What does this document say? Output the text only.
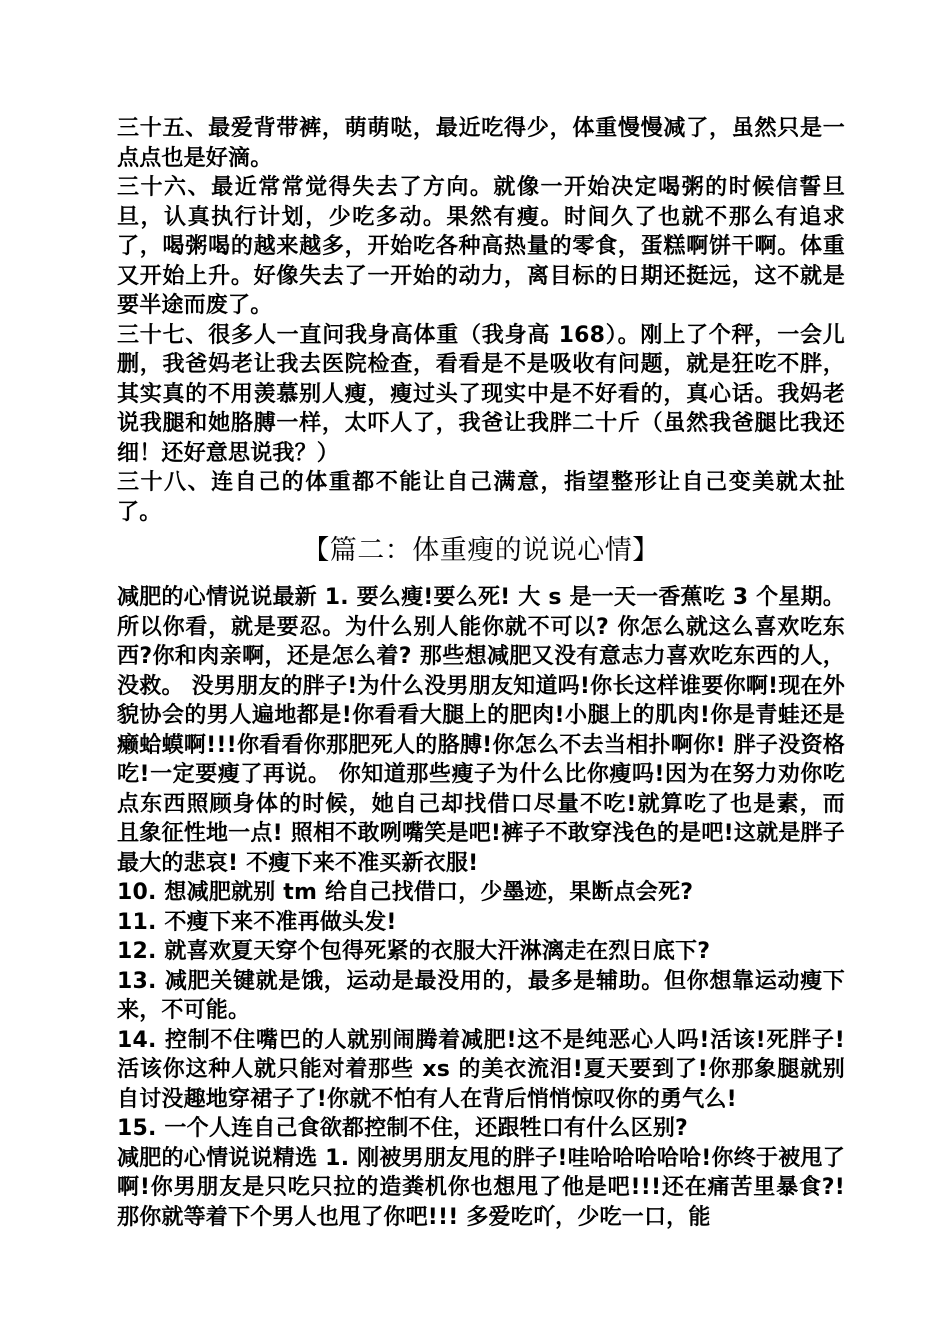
三十五、最爱背带裤，萌萌哒，最近吃得少，体重慢慢减了，虽然只是一点点也是好滴。

三十六、最近常常觉得失去了方向。就像一开始决定喝粥的时候信誓旦旦，认真执行计划，少吃多动。果然有瘦。时间久了也就不那么有追求了，喝粥喝的越来越多，开始吃各种高热量的零食，蛋糕啊饼干啊。体重又开始上升。好像失去了一开始的动力，离目标的日期还挺远，这不就是要半途而废了。

三十七、很多人一直问我身高体重（我身高 168）。刚上了个秤，一会儿删，我爸妈老让我去医院检查，看看是不是吸收有问题，就是狂吃不胖，其实真的不用羡慕别人瘦，瘦过头了现实中是不好看的，真心话。我妈老说我腿和她胳膊一样，太吓人了，我爸让我胖二十斤（虽然我爸腿比我还细！还好意思说我？）

三十八、连自己的体重都不能让自己满意，指望整形让自己变美就太扯了。

【篇二：体重瘦的说说心情】

减肥的心情说说最新 1. 要么瘦!要么死! 大 s 是一天一香蕉吃 3 个星期。所以你看，就是要忍。为什么别人能你就不可以? 你怎么就这么喜欢吃东西?你和肉亲啊，还是怎么着? 那些想减肥又没有意志力喜欢吃东西的人，没救。 没男朋友的胖子!为什么没男朋友知道吗!你长这样谁要你啊!现在外貌协会的男人遍地都是!你看看大腿上的肥肉!小腿上的肌肉!你是青蛙还是癞蛤蟆啊!!!你看看你那肥死人的胳膊!你怎么不去当相扑啊你! 胖子没资格吃!一定要瘦了再说。 你知道那些瘦子为什么比你瘦吗!因为在努力劝你吃点东西照顾身体的时候，她自己却找借口尽量不吃!就算吃了也是素，而 且象征性地一点! 照相不敢咧嘴笑是吧!裤子不敢穿浅色的是吧!这就是胖子最大的悲哀! 不瘦下来不准买新衣服!

10. 想减肥就别 tm 给自己找借口，少墨迹，果断点会死?

11. 不瘦下来不准再做头发!

12. 就喜欢夏天穿个包得死紧的衣服大汗淋漓走在烈日底下?

13. 减肥关键就是饿，运动是最没用的，最多是辅助。但你想靠运动瘦下来，不可能。

14. 控制不住嘴巴的人就别闹腾着减肥!这不是纯恶心人吗!活该!死胖子!活该你这种人就只能对着那些 xs 的美衣流泪!夏天要到了!你那象腿就别自讨没趣地穿裙子了!你就不怕有人在背后悄悄惊叹你的勇气么!

15. 一个人连自己食欲都控制不住，还跟牲口有什么区别?

减肥的心情说说精选 1. 刚被男朋友甩的胖子!哇哈哈哈哈哈!你终于被甩了啊!你男朋友是只吃只拉的造粪机你也想甩了他是吧!!!还在痛苦里暴食?!那你就等着下个男人也甩了你吧!!! 多爱吃吖，少吃一口，能
